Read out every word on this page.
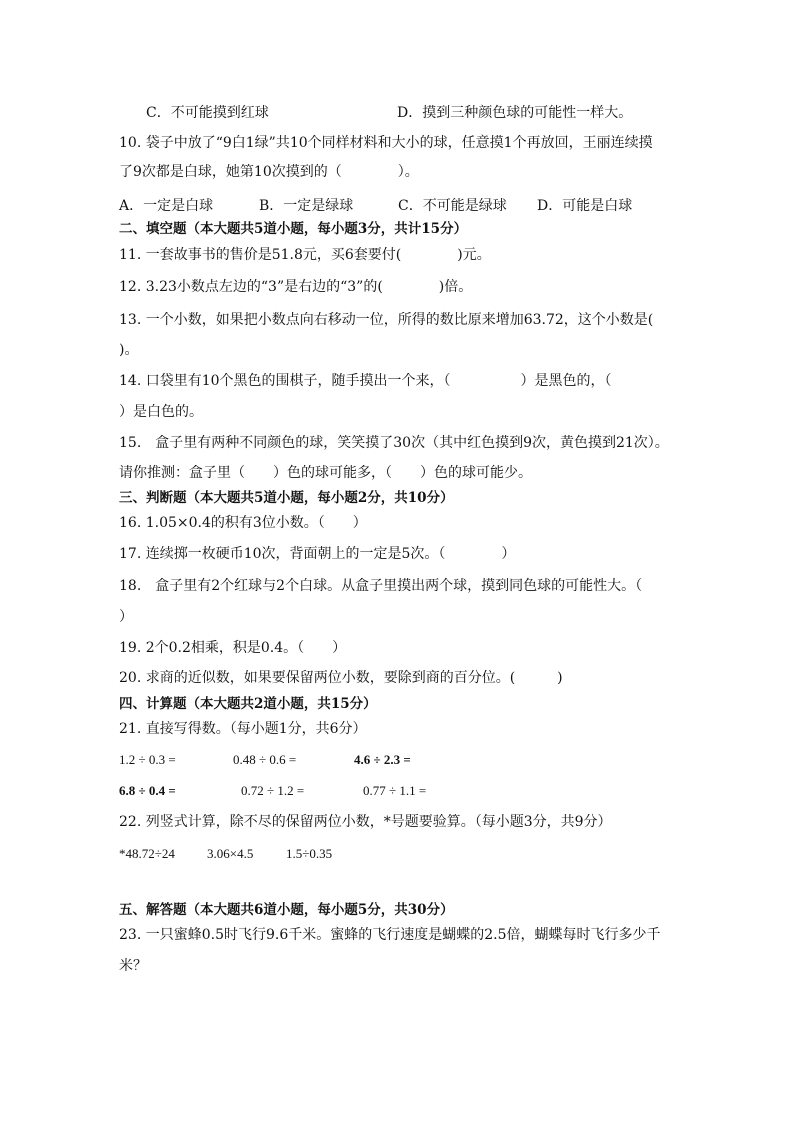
C．不可能摸到红球	D．摸到三种颜色球的可能性一样大。
10. 袋子中放了“9白1绿”共10个同样材料和大小的球，任意摸1个再放回，王丽连续摸
了9次都是白球，她第10次摸到的（　　　　）。
A．一定是白球	B．一定是绿球	C．不可能是绿球 D．可能是白球
二、填空题（本大题共5道小题，每小题3分，共计15分）
11. 一套故事书的售价是51.8元，买6套要付(　　　　)元。
12. 3.23小数点左边的“3”是右边的“3”的(　　　　)倍。
13. 一个小数，如果把小数点向右移动一位，所得的数比原来增加63.72，这个小数是(
)。
14. 口袋里有10个黑色的围棋子，随手摸出一个来，（　　　　　）是黑色的，（
）是白色的。
15.　盒子里有两种不同颜色的球，笑笑摸了30次（其中红色摸到9次，黄色摸到21次）。
请你推测：盒子里（　　）色的球可能多，（　　）色的球可能少。
三、判断题（本大题共5道小题，每小题2分，共10分）
16. 1.05×0.4的积有3位小数。（　　）
17. 连续掷一枚硬币10次，背面朝上的一定是5次。（　　　　）
18.　盒子里有2个红球与2个白球。从盒子里摸出两个球，摸到同色球的可能性大。（
）
19. 2个0.2相乘，积是0.4。（　　）
20. 求商的近似数，如果要保留两位小数，要除到商的百分位。(　　　)
四、计算题（本大题共2道小题，共15分）
21. 直接写得数。（每小题1分，共6分）
1.2 ÷ 0.3 =	0.48 ÷ 0.6 =	4.6 ÷ 2.3 =
6.8 ÷ 0.4 =	0.72 ÷ 1.2 =	0.77 ÷ 1.1 =
22. 列竖式计算，除不尽的保留两位小数，*号题要验算。（每小题3分，共9分）
*48.72÷24 3.06×4.5	1.5÷0.35
五、解答题（本大题共6道小题，每小题5分，共30分）
23. 一只蜜蜂0.5时飞行9.6千米。蜜蜂的飞行速度是蝴蝶的2.5倍，蝴蝶每时飞行多少千
米？
